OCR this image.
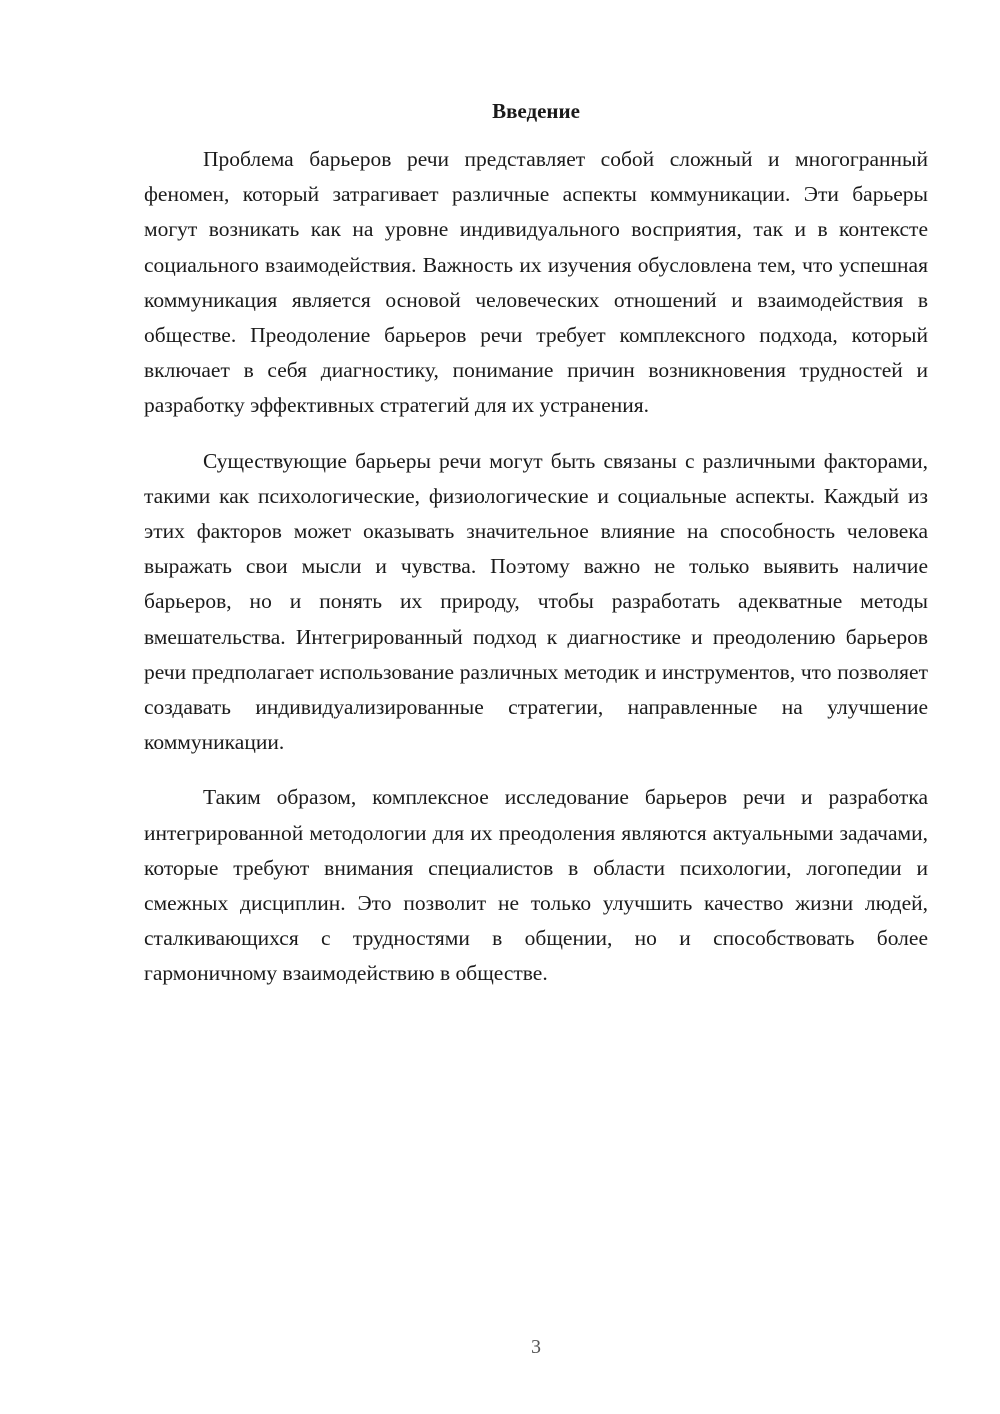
Введение

Проблема барьеров речи представляет собой сложный и многогранный феномен, который затрагивает различные аспекты коммуникации. Эти барьеры могут возникать как на уровне индивидуального восприятия, так и в контексте социального взаимодействия. Важность их изучения обусловлена тем, что успешная коммуникация является основой человеческих отношений и взаимодействия в обществе. Преодоление барьеров речи требует комплексного подхода, который включает в себя диагностику, понимание причин возникновения трудностей и разработку эффективных стратегий для их устранения.

Существующие барьеры речи могут быть связаны с различными факторами, такими как психологические, физиологические и социальные аспекты. Каждый из этих факторов может оказывать значительное влияние на способность человека выражать свои мысли и чувства. Поэтому важно не только выявить наличие барьеров, но и понять их природу, чтобы разработать адекватные методы вмешательства. Интегрированный подход к диагностике и преодолению барьеров речи предполагает использование различных методик и инструментов, что позволяет создавать индивидуализированные стратегии, направленные на улучшение коммуникации.

Таким образом, комплексное исследование барьеров речи и разработка интегрированной методологии для их преодоления являются актуальными задачами, которые требуют внимания специалистов в области психологии, логопедии и смежных дисциплин. Это позволит не только улучшить качество жизни людей, сталкивающихся с трудностями в общении, но и способствовать более гармоничному взаимодействию в обществе.

3
